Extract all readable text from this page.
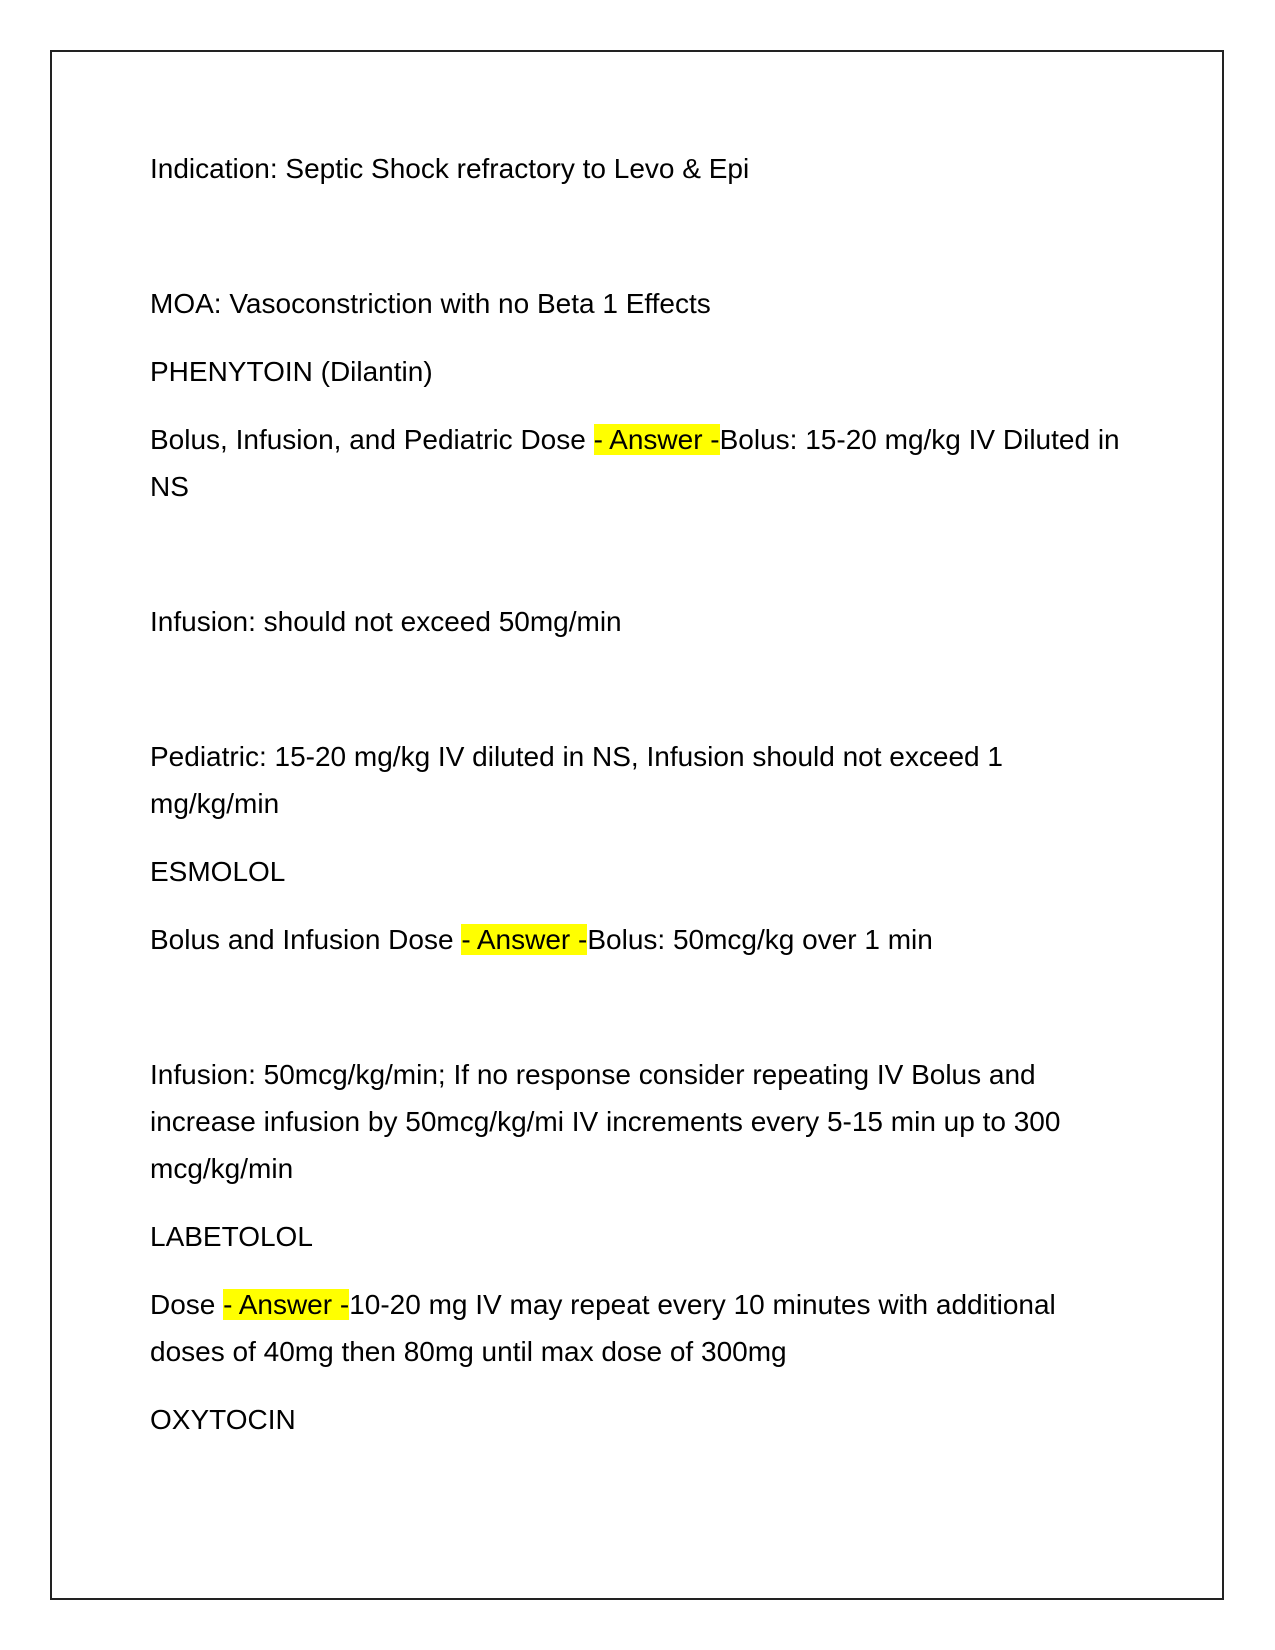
Indication: Septic Shock refractory to Levo & Epi

MOA: Vasoconstriction with no Beta 1 Effects

PHENYTOIN (Dilantin)

Bolus, Infusion, and Pediatric Dose - Answer -Bolus: 15-20 mg/kg IV Diluted in NS

Infusion: should not exceed 50mg/min

Pediatric: 15-20 mg/kg IV diluted in NS, Infusion should not exceed 1 mg/kg/min

ESMOLOL

Bolus and Infusion Dose - Answer -Bolus: 50mcg/kg over 1 min

Infusion: 50mcg/kg/min; If no response consider repeating IV Bolus and increase infusion by 50mcg/kg/mi IV increments every 5-15 min up to 300 mcg/kg/min

LABETOLOL

Dose - Answer -10-20 mg IV may repeat every 10 minutes with additional doses of 40mg then 80mg until max dose of 300mg

OXYTOCIN
